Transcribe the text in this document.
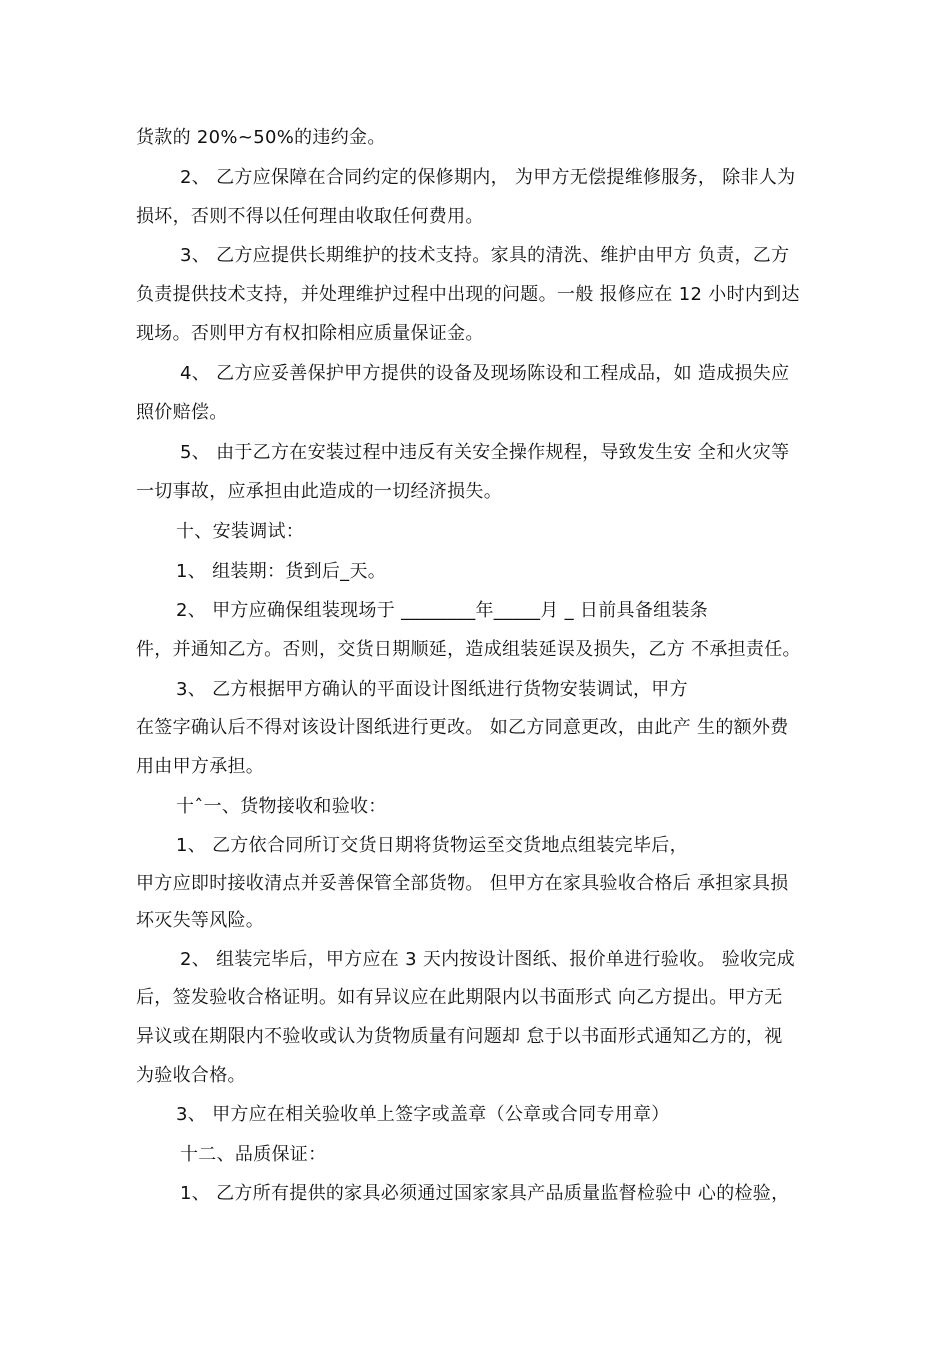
货款的 20%~50%的违约金。
2、 乙方应保障在合同约定的保修期内， 为甲方无偿提维修服务， 除非人为
损坏，否则不得以任何理由收取任何费用。
3、 乙方应提供长期维护的技术支持。家具的清洗、维护由甲方 负责，乙方
负责提供技术支持，并处理维护过程中出现的问题。一般 报修应在 12 小时内到达
现场。否则甲方有权扣除相应质量保证金。
4、 乙方应妥善保护甲方提供的设备及现场陈设和工程成品，如 造成损失应
照价赔偿。
5、 由于乙方在安装过程中违反有关安全操作规程，导致发生安 全和火灾等
一切事故，应承担由此造成的一切经济损失。
十、安装调试：
1、 组装期：货到后_天。
2、 甲方应确保组装现场于 ________年_____月 _ 日前具备组装条
件，并通知乙方。否则，交货日期顺延，造成组装延误及损失，乙方 不承担责任。
3、 乙方根据甲方确认的平面设计图纸进行货物安装调试，甲方
在签字确认后不得对该设计图纸进行更改。 如乙方同意更改，由此产 生的额外费
用由甲方承担。
十ˆ一、货物接收和验收：
1、 乙方依合同所订交货日期将货物运至交货地点组装完毕后，
甲方应即时接收清点并妥善保管全部货物。 但甲方在家具验收合格后 承担家具损
坏灭失等风险。
2、 组装完毕后，甲方应在 3 天内按设计图纸、报价单进行验收。 验收完成
后，签发验收合格证明。如有异议应在此期限内以书面形式 向乙方提出。甲方无
异议或在期限内不验收或认为货物质量有问题却 怠于以书面形式通知乙方的，视
为验收合格。
3、 甲方应在相关验收单上签字或盖章（公章或合同专用章）
十二、品质保证：
1、 乙方所有提供的家具必须通过国家家具产品质量监督检验中 心的检验，
